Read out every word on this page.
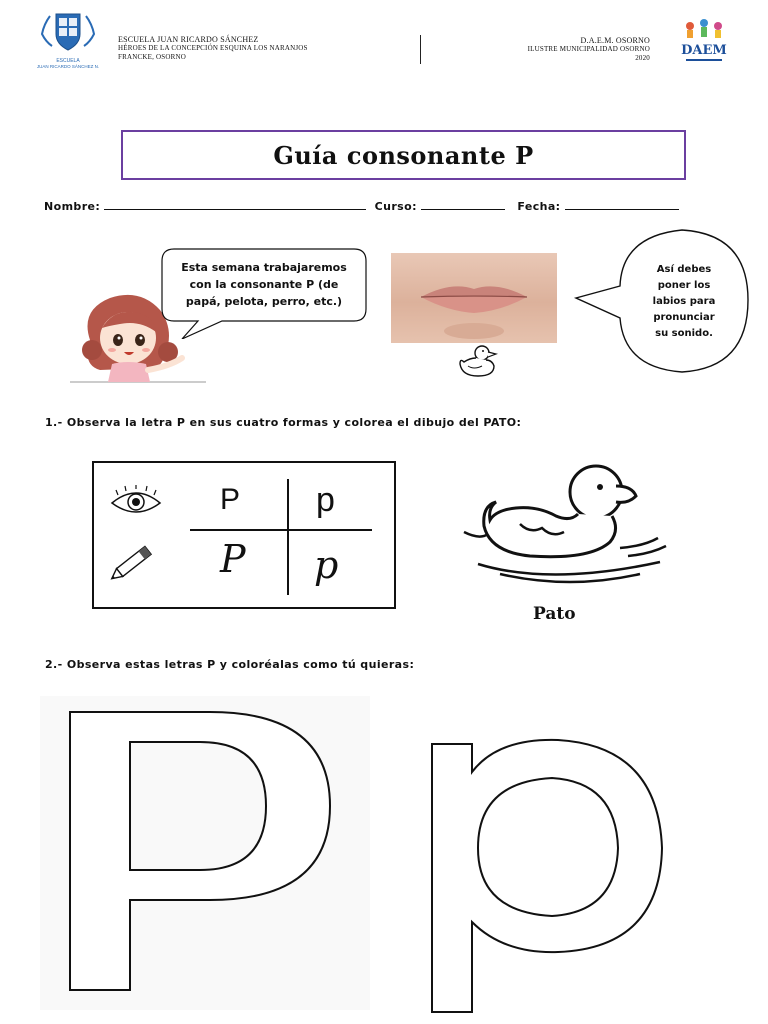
ESCUELA
JUAN RICARDO SÁNCHEZ N.
ESCUELA JUAN RICARDO SÁNCHEZ
HÉROES DE LA CONCEPCIÓN ESQUINA LOS NARANJOS
FRANCKE, OSORNO
D.A.E.M. OSORNO
ILUSTRE MUNICIPALIDAD OSORNO
2020	DAEM
Guía consonante P
Nombre:	Curso:	Fecha:
Esta semana trabajaremos
con la consonante P (de
papá, pelota, perro, etc.)
Así debes
poner los
labios para
pronunciar
su sonido.
1.- Observa la letra P en sus cuatro formas y colorea el dibujo del PATO:
P p
P p
Pato
2.- Observa estas letras P y coloréalas como tú quieras:
